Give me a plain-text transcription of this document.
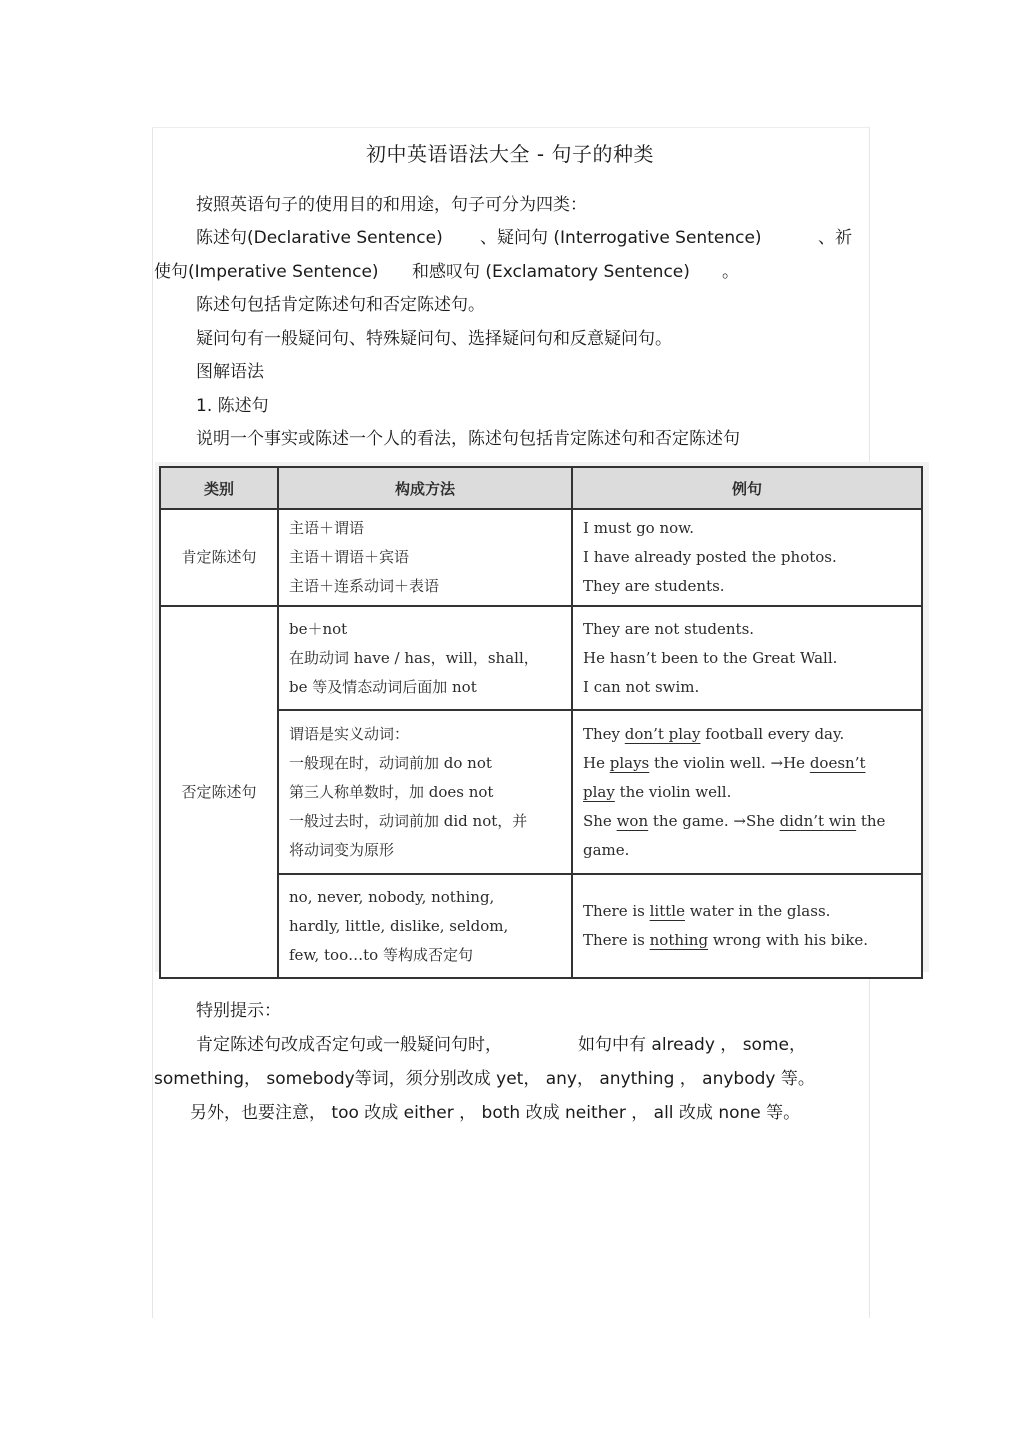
初中英语语法大全 - 句子的种类
按照英语句子的使用目的和用途，句子可分为四类：
陈述句(Declarative Sentence) 、疑问句 (Interrogative Sentence)	、祈
使句(Imperative Sentence) 和感叹句 (Exclamatory Sentence) 。
陈述句包括肯定陈述句和否定陈述句。
疑问句有一般疑问句、特殊疑问句、选择疑问句和反意疑问句。
图解语法
1. 陈述句
说明一个事实或陈述一个人的看法，陈述句包括肯定陈述句和否定陈述句
类别	构成方法	例句
肯定陈述句	主语＋谓语
主语＋谓语＋宾语
主语＋连系动词＋表语	I must go now.
I have already posted the photos.
They are students.

否定陈述句	be＋not
在助动词 have / has，will，shall，
be 等及情态动词后面加 not	They are not students.
He hasn’t been to the Great Wall.
I can not swim.

	谓语是实义动词：
一般现在时，动词前加 do not
第三人称单数时，加 does not
一般过去时，动词前加 did not，并
将动词变为原形	They don’t play football every day.
He plays the violin well. →He doesn’t
play the violin well.
She won the game. →She didn’t win the
game.

	no, never, nobody, nothing,
hardly, little, dislike, seldom,
few, too…to 等构成否定句	There is little water in the glass.
There is nothing wrong with his bike.
特别提示：
肯定陈述句改成否定句或一般疑问句时，	如句中有 already ， some，
something， somebody等词，须分别改成 yet， any， anything ， anybody 等。
另外，也要注意， too 改成 either ， both 改成 neither ， all 改成 none 等。
